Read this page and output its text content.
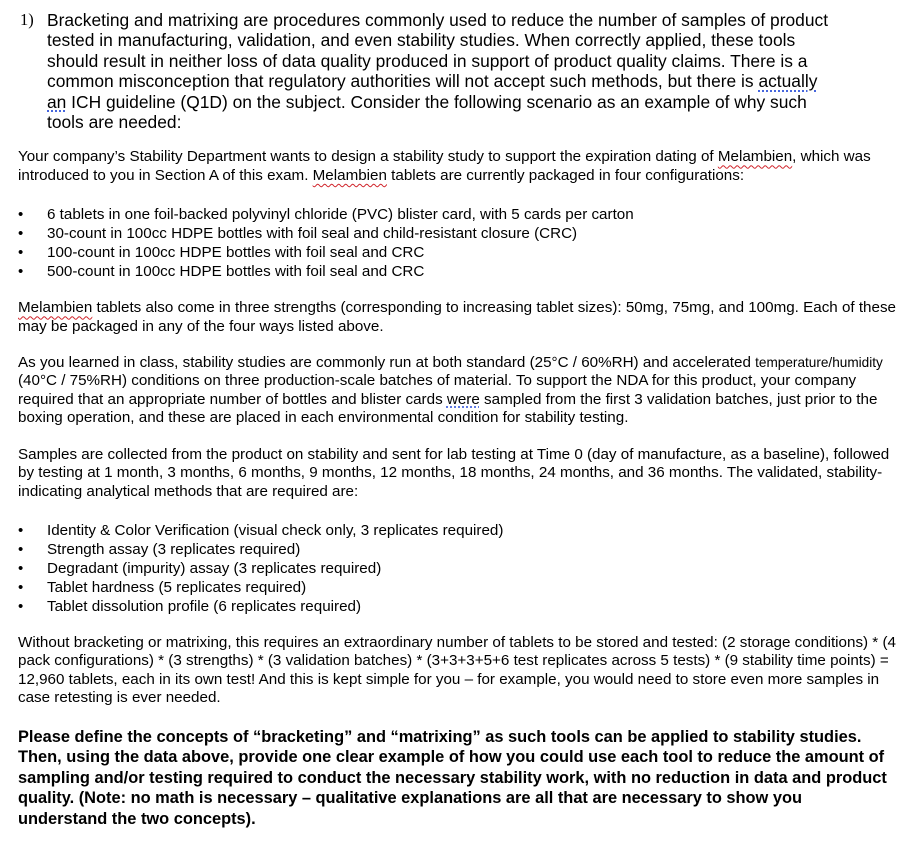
1) Bracketing and matrixing are procedures commonly used to reduce the number of samples of product tested in manufacturing, validation, and even stability studies. When correctly applied, these tools should result in neither loss of data quality produced in support of product quality claims. There is a common misconception that regulatory authorities will not accept such methods, but there is actually an ICH guideline (Q1D) on the subject. Consider the following scenario as an example of why such tools are needed:

Your company’s Stability Department wants to design a stability study to support the expiration dating of Melambien, which was introduced to you in Section A of this exam. Melambien tablets are currently packaged in four configurations:

• 6 tablets in one foil-backed polyvinyl chloride (PVC) blister card, with 5 cards per carton
• 30-count in 100cc HDPE bottles with foil seal and child-resistant closure (CRC)
• 100-count in 100cc HDPE bottles with foil seal and CRC
• 500-count in 100cc HDPE bottles with foil seal and CRC

Melambien tablets also come in three strengths (corresponding to increasing tablet sizes): 50mg, 75mg, and 100mg. Each of these may be packaged in any of the four ways listed above.

As you learned in class, stability studies are commonly run at both standard (25°C / 60%RH) and accelerated temperature/humidity (40°C / 75%RH) conditions on three production-scale batches of material. To support the NDA for this product, your company required that an appropriate number of bottles and blister cards were sampled from the first 3 validation batches, just prior to the boxing operation, and these are placed in each environmental condition for stability testing.

Samples are collected from the product on stability and sent for lab testing at Time 0 (day of manufacture, as a baseline), followed by testing at 1 month, 3 months, 6 months, 9 months, 12 months, 18 months, 24 months, and 36 months. The validated, stability-indicating analytical methods that are required are:

• Identity & Color Verification (visual check only, 3 replicates required)
• Strength assay (3 replicates required)
• Degradant (impurity) assay (3 replicates required)
• Tablet hardness (5 replicates required)
• Tablet dissolution profile (6 replicates required)

Without bracketing or matrixing, this requires an extraordinary number of tablets to be stored and tested: (2 storage conditions) * (4 pack configurations) * (3 strengths) * (3 validation batches) * (3+3+3+5+6 test replicates across 5 tests) * (9 stability time points) = 12,960 tablets, each in its own test! And this is kept simple for you – for example, you would need to store even more samples in case retesting is ever needed.

Please define the concepts of “bracketing” and “matrixing” as such tools can be applied to stability studies. Then, using the data above, provide one clear example of how you could use each tool to reduce the amount of sampling and/or testing required to conduct the necessary stability work, with no reduction in data and product quality. (Note: no math is necessary – qualitative explanations are all that are necessary to show you understand the two concepts).
